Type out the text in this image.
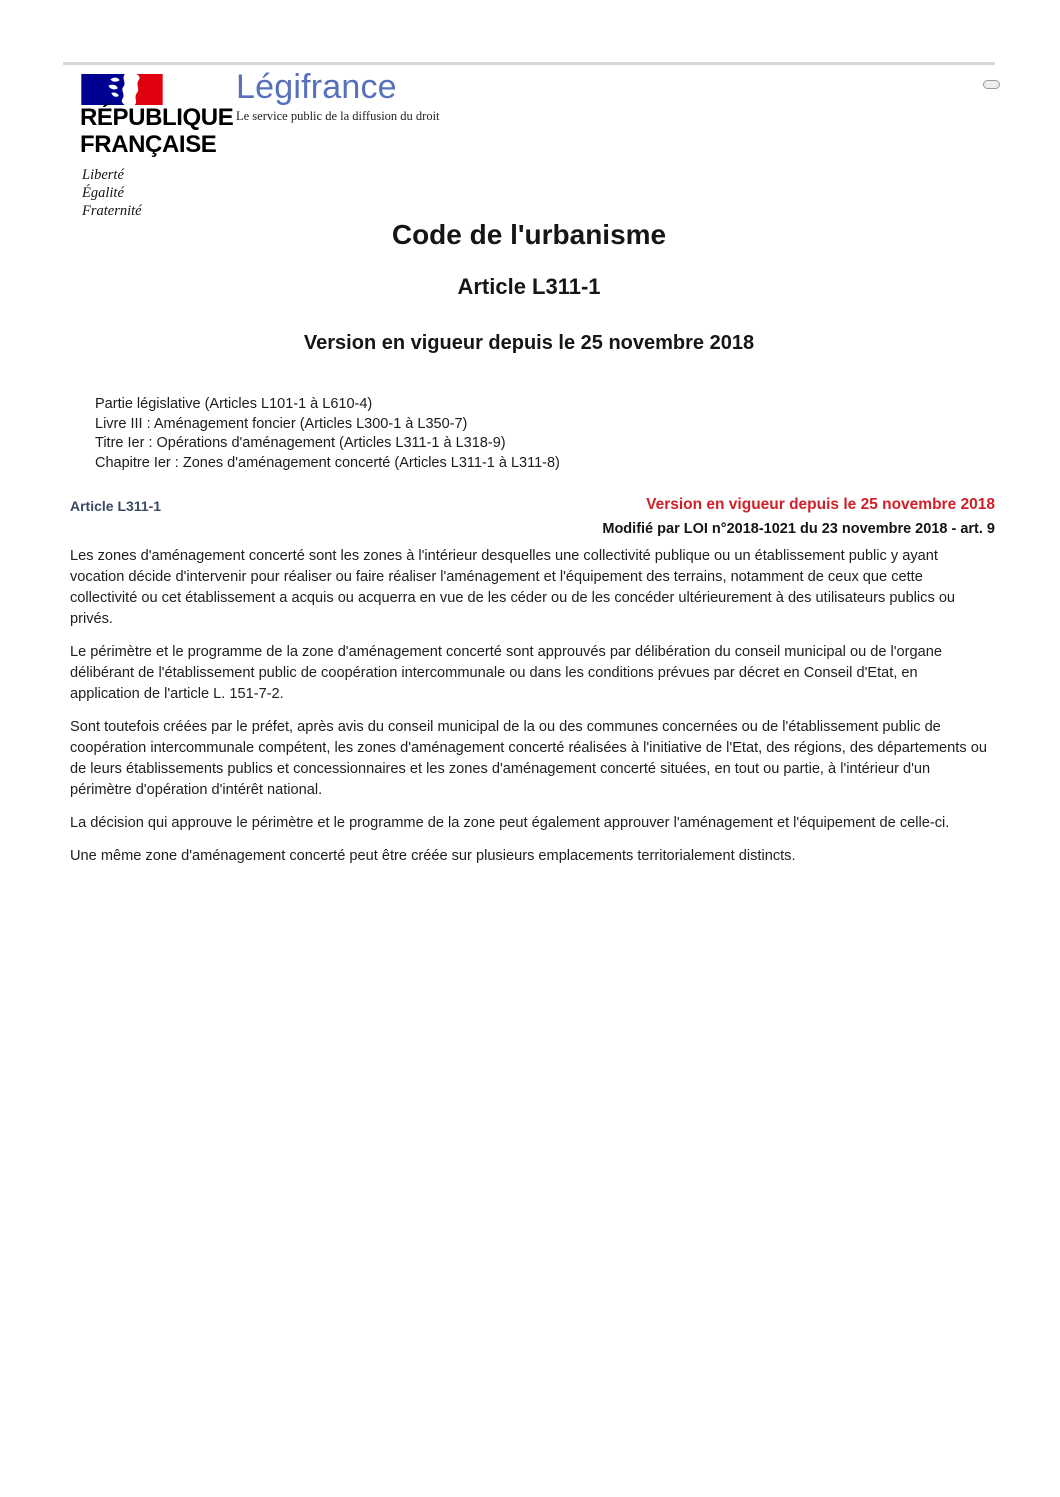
RÉPUBLIQUE
FRANÇAISE
Liberté
Égalité
Fraternité
Légifrance
Le service public de la diffusion du droit
Code de l'urbanisme
Article L311-1
Version en vigueur depuis le 25 novembre 2018
Partie législative (Articles L101-1 à L610-4)
Livre III : Aménagement foncier (Articles L300-1 à L350-7)
Titre Ier : Opérations d'aménagement (Articles L311-1 à L318-9)
Chapitre Ier : Zones d'aménagement concerté (Articles L311-1 à L311-8)
Article L311-1	Version en vigueur depuis le 25 novembre 2018
Modifié par LOI n°2018-1021 du 23 novembre 2018 - art. 9

Les zones d'aménagement concerté sont les zones à l'intérieur desquelles une collectivité publique ou un établissement public y ayant vocation décide d'intervenir pour réaliser ou faire réaliser l'aménagement et l'équipement des terrains, notamment de ceux que cette collectivité ou cet établissement a acquis ou acquerra en vue de les céder ou de les concéder ultérieurement à des utilisateurs publics ou privés.

Le périmètre et le programme de la zone d'aménagement concerté sont approuvés par délibération du conseil municipal ou de l'organe délibérant de l'établissement public de coopération intercommunale ou dans les conditions prévues par décret en Conseil d'Etat, en application de l'article L. 151-7-2.

Sont toutefois créées par le préfet, après avis du conseil municipal de la ou des communes concernées ou de l'établissement public de coopération intercommunale compétent, les zones d'aménagement concerté réalisées à l'initiative de l'Etat, des régions, des départements ou de leurs établissements publics et concessionnaires et les zones d'aménagement concerté situées, en tout ou partie, à l'intérieur d'un périmètre d'opération d'intérêt national.

La décision qui approuve le périmètre et le programme de la zone peut également approuver l'aménagement et l'équipement de celle-ci.

Une même zone d'aménagement concerté peut être créée sur plusieurs emplacements territorialement distincts.
